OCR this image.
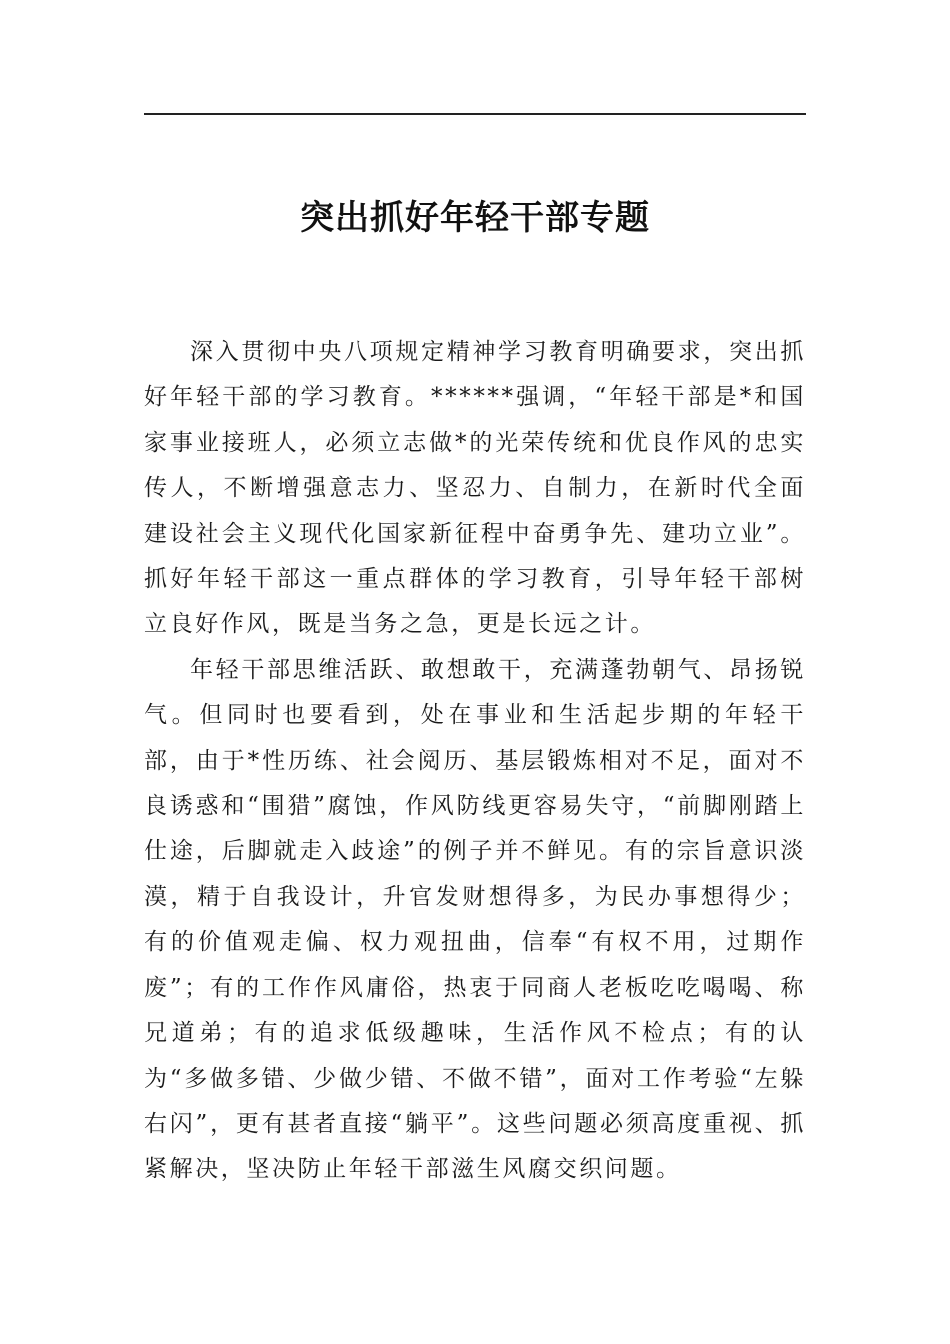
突出抓好年轻干部专题

深入贯彻中央八项规定精神学习教育明确要求，突出抓好年轻干部的学习教育。******强调，“年轻干部是*和国家事业接班人，必须立志做*的光荣传统和优良作风的忠实传人，不断增强意志力、坚忍力、自制力，在新时代全面建设社会主义现代化国家新征程中奋勇争先、建功立业”。抓好年轻干部这一重点群体的学习教育，引导年轻干部树立良好作风，既是当务之急，更是长远之计。

年轻干部思维活跃、敢想敢干，充满蓬勃朝气、昂扬锐气。但同时也要看到，处在事业和生活起步期的年轻干部，由于*性历练、社会阅历、基层锻炼相对不足，面对不良诱惑和“围猎”腐蚀，作风防线更容易失守，“前脚刚踏上仕途，后脚就走入歧途”的例子并不鲜见。有的宗旨意识淡漠，精于自我设计，升官发财想得多，为民办事想得少；有的价值观走偏、权力观扭曲，信奉“有权不用，过期作废”；有的工作作风庸俗，热衷于同商人老板吃吃喝喝、称兄道弟；有的追求低级趣味，生活作风不检点；有的认为“多做多错、少做少错、不做不错”，面对工作考验“左躲右闪”，更有甚者直接“躺平”。这些问题必须高度重视、抓紧解决，坚决防止年轻干部滋生风腐交织问题。
